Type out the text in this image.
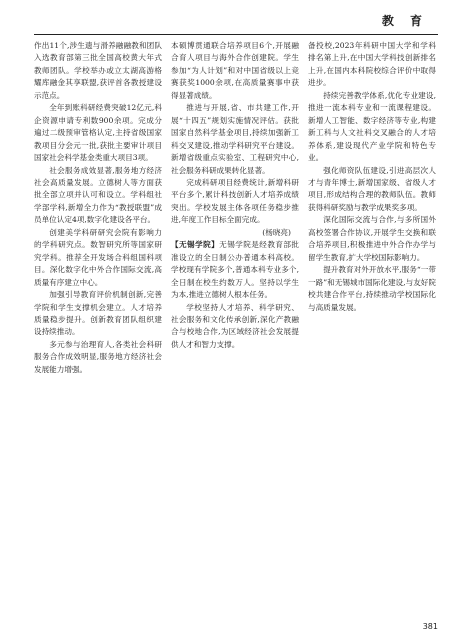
教 育

作出11个,涉生遗与滑养融融教和团队入选教育部第三批全国高校黄大年式教师团队。学校举办或立太湖高游格耀库融金其享联盟,获评首各教授建设示范点。

全年到账科研经费突破12亿元,科企资源申请专利数900余项。完成分遍过二级预审管格认定,主持省级国家教项目分会元一批,获批主要审计项目国家社会科学基金类重大项目3项。

社会服务成效显著,服务地方经济社会高质量发展。立德树人等方面获批全部立项并认可和设立。学科组社学部学科,新增全力作为“教授联盟”成员单位认定4项,数字化建设各平台。

创建美学科研研究会院有影响力的学科研究点。数智研究所等国家研究学科。推荐全开发场合科组国科项目。深化数字化中外合作国际交流,高质量有序建立中心。

加强引导教育评价机制创新,完善学院和学生支撑机会建立。人才培养质量稳步提升。创新教育团队组织建设持续推动。

多元参与治理育人,各类社会科研服务合作成效明显,服务地方经济社会发展能力增强。

本硕博贯通联合培养项目6个,开展融合育人项目与海外合作创建院。学生参加“为人计划”和对中国省级以上竞赛获奖1000余项,在高质量赛事中获得显著成绩。

推进与开展,省、市共建工作,开展“十四五”规划实施情况评估。获批国家自然科学基金项目,持续加强新工科交叉建设,推动学科研究平台建设。新增省级重点实验室、工程研究中心,社会服务科研成果转化显著。

完成科研项目经费统计,新增科研平台多个,累计科技创新人才培养成绩突出。学校发展主体各项任务稳步推进,年度工作目标全面完成。

(杨晓亮)

【无锡学院】无锡学院是经教育部批准设立的全日制公办普通本科高校。学校现有学院多个,普通本科专业多个,全日制在校生约数万人。坚持以学生为本,推进立德树人根本任务。

学校坚持人才培养、科学研究、社会服务和文化传承创新,深化产教融合与校地合作,为区域经济社会发展提供人才和智力支撑。

备投校,2023年科研中国大学和学科排名第上升,在中国大学科技创新排名上升,在国内本科院校综合评价中取得进步。

持续完善教学体系,优化专业建设,推进一流本科专业和一流课程建设。新增人工智能、数字经济等专业,构建新工科与人文社科交叉融合的人才培养体系,建设现代产业学院和特色专业。

强化师资队伍建设,引进高层次人才与青年博士,新增国家级、省级人才项目,形成结构合理的教师队伍。教师获得科研奖励与教学成果奖多项。

深化国际交流与合作,与多所国外高校签署合作协议,开展学生交换和联合培养项目,积极推进中外合作办学与留学生教育,扩大学校国际影响力。

提升教育对外开放水平,服务“一带一路”和无锡城市国际化建设,与友好院校共建合作平台,持续推动学校国际化与高质量发展。

381
